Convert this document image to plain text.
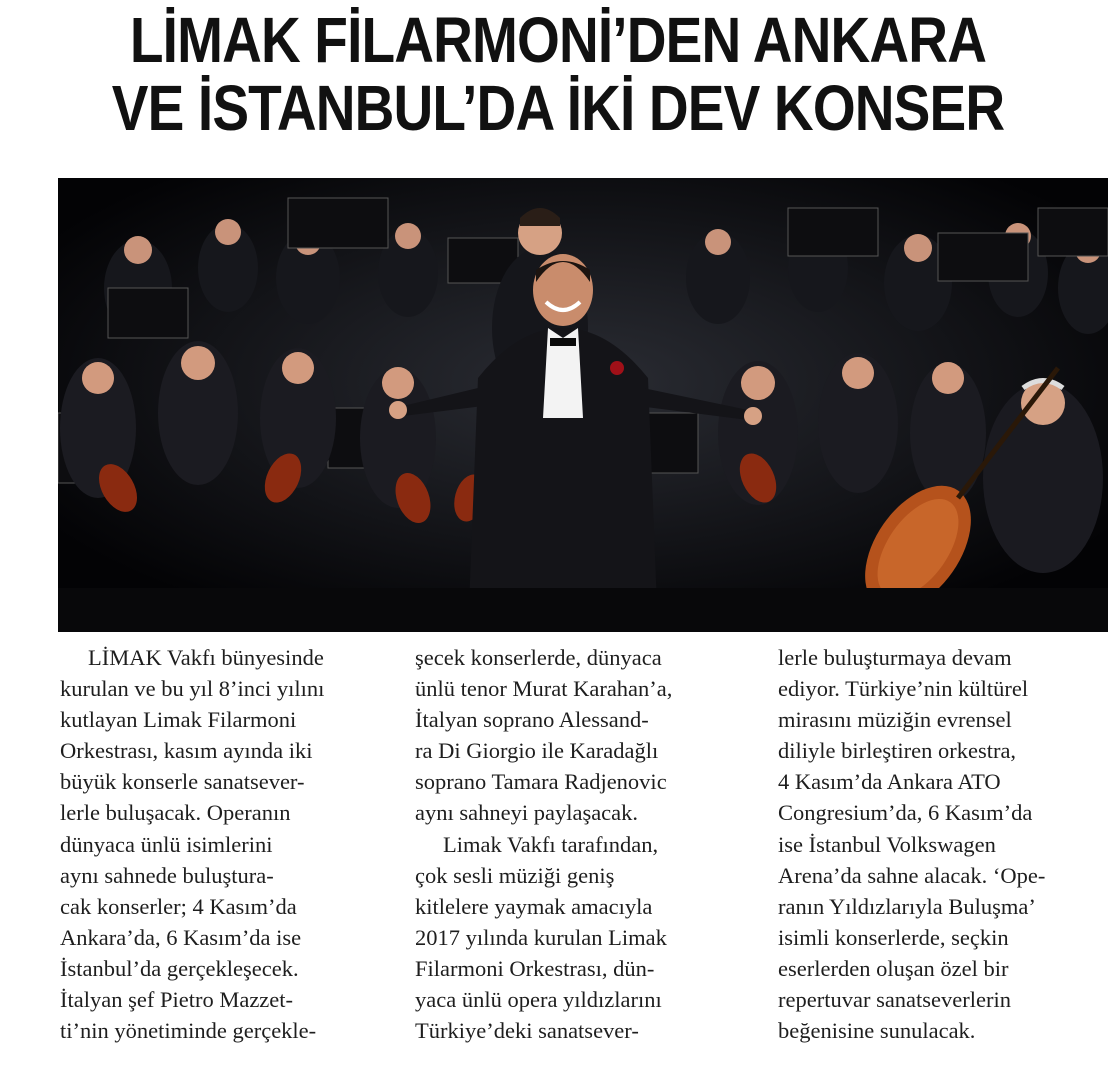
LİMAK FİLARMONİ’DEN ANKARA
VE İSTANBUL’DA İKİ DEV KONSER

LİMAK Vakfı bünyesinde

kurulan ve bu yıl 8’inci yılını

kutlayan Limak Filarmoni

Orkestrası, kasım ayında iki

büyük konserle sanatsever-

lerle buluşacak. Operanın

dünyaca ünlü isimlerini

aynı sahnede buluştura-

cak konserler; 4 Kasım’da

Ankara’da, 6 Kasım’da ise

İstanbul’da gerçekleşecek.

İtalyan şef Pietro Mazzet-

ti’nin yönetiminde gerçekle-

şecek konserlerde, dünyaca

ünlü tenor Murat Karahan’a,

İtalyan soprano Alessand-

ra Di Giorgio ile Karadağlı

soprano Tamara Radjenovic

aynı sahneyi paylaşacak.

Limak Vakfı tarafından,

çok sesli müziği geniş

kitlelere yaymak amacıyla

2017 yılında kurulan Limak

Filarmoni Orkestrası, dün-

yaca ünlü opera yıldızlarını

Türkiye’deki sanatsever-

lerle buluşturmaya devam

ediyor. Türkiye’nin kültürel

mirasını müziğin evrensel

diliyle birleştiren orkestra,

4 Kasım’da Ankara ATO

Congresium’da, 6 Kasım’da

ise İstanbul Volkswagen

Arena’da sahne alacak. ‘Ope-

ranın Yıldızlarıyla Buluşma’

isimli konserlerde, seçkin

eserlerden oluşan özel bir

repertuvar sanatseverlerin

beğenisine sunulacak.
